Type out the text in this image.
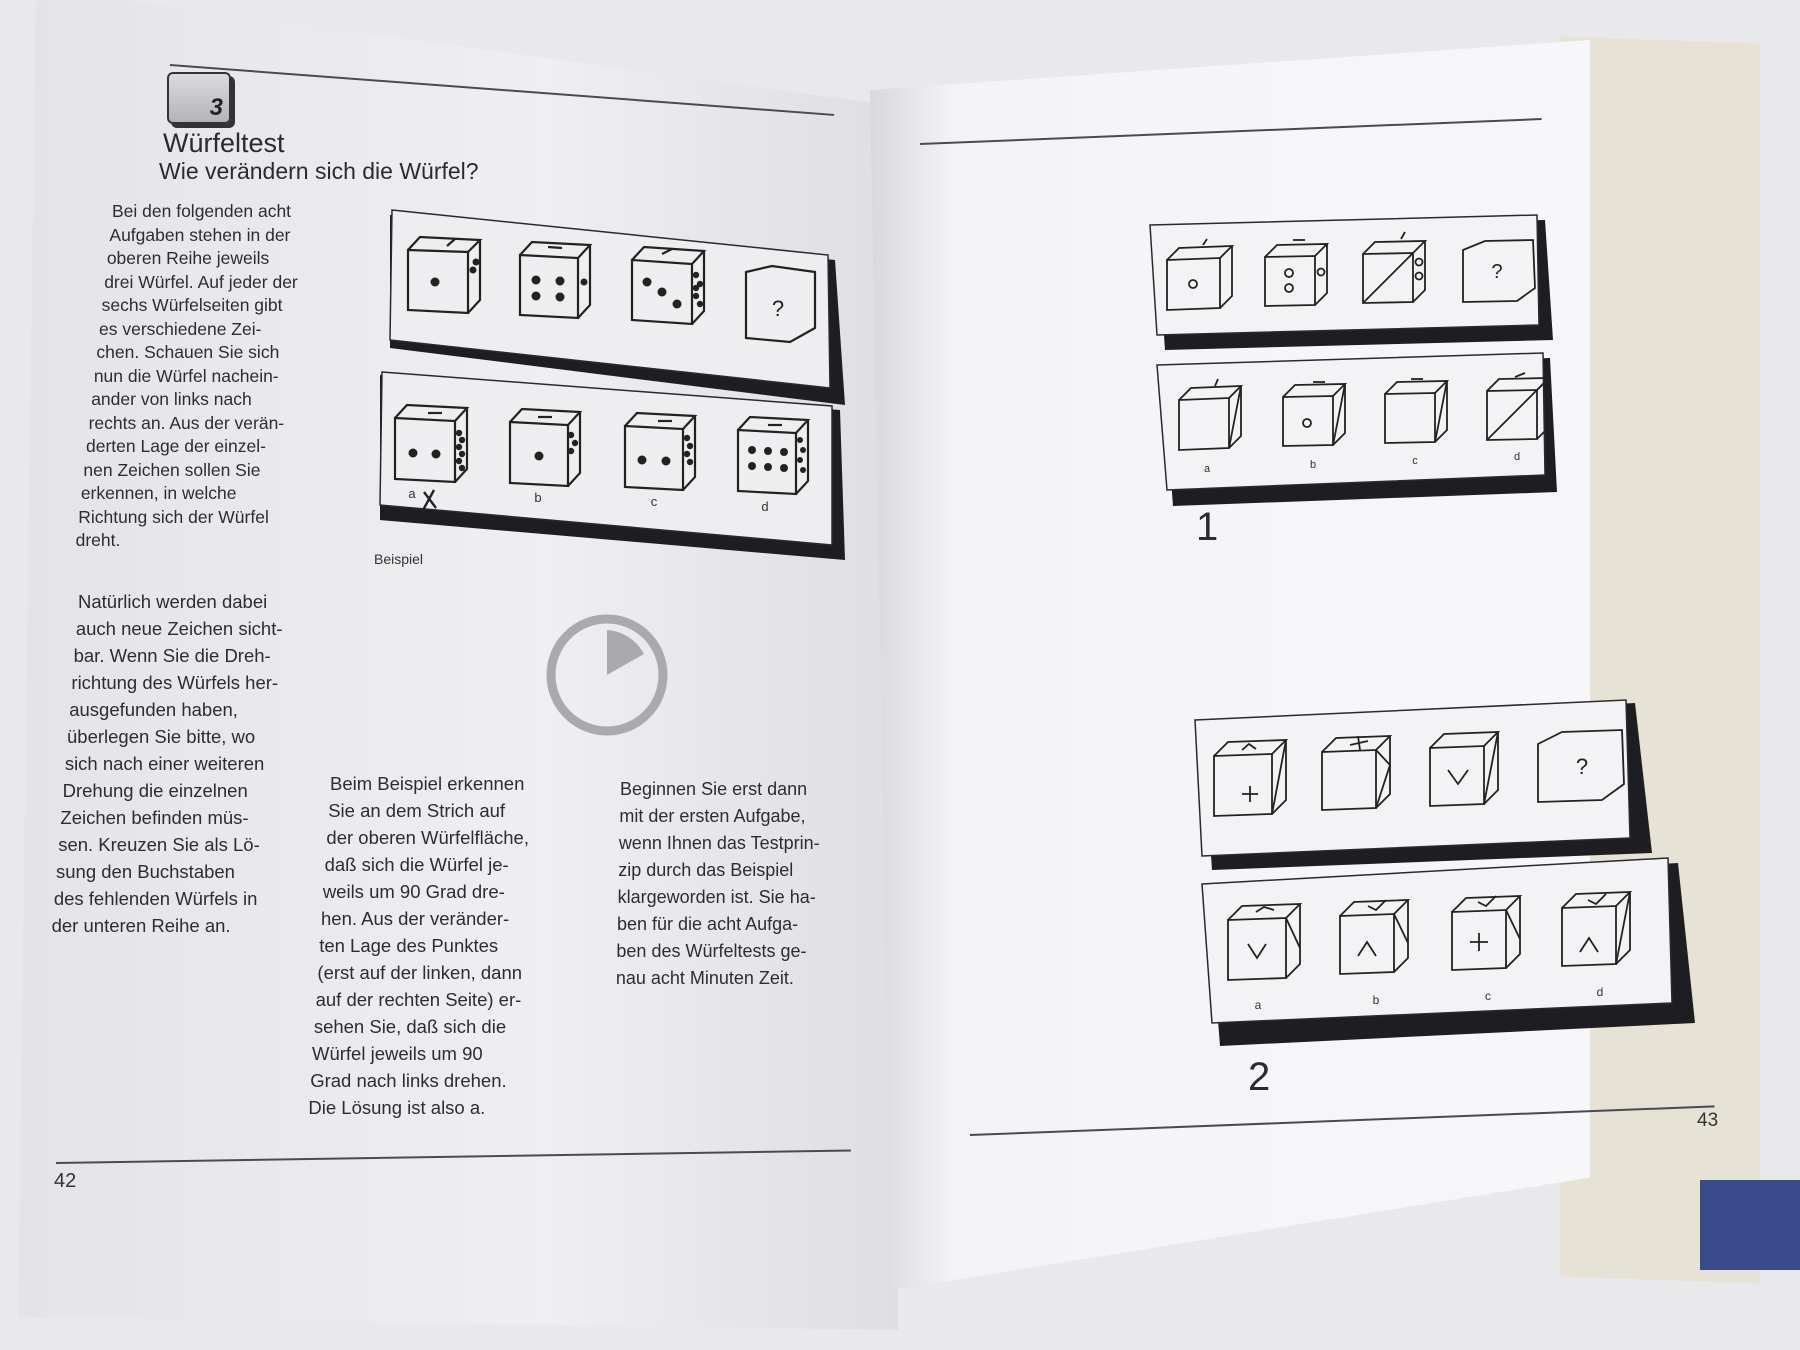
3
Würfeltest
Wie verändern sich die Würfel?
Bei den folgenden acht
Aufgaben stehen in der
oberen Reihe jeweils
drei Würfel. Auf jeder der
sechs Würfelseiten gibt
es verschiedene Zei-
chen. Schauen Sie sich
nun die Würfel nachein-
ander von links nach
rechts an. Aus der verän-
derten Lage der einzel-
nen Zeichen sollen Sie
erkennen, in welche
Richtung sich der Würfel
dreht.
Natürlich werden dabei
auch neue Zeichen sicht-
bar. Wenn Sie die Dreh-
richtung des Würfels her-
ausgefunden haben,
überlegen Sie bitte, wo
sich nach einer weiteren
Drehung die einzelnen
Zeichen befinden müs-
sen. Kreuzen Sie als Lö-
sung den Buchstaben
des fehlenden Würfels in
der unteren Reihe an.
Beim Beispiel erkennen
Sie an dem Strich auf
der oberen Würfelfläche,
daß sich die Würfel je-
weils um 90 Grad dre-
hen. Aus der veränder-
ten Lage des Punktes
(erst auf der linken, dann
auf der rechten Seite) er-
sehen Sie, daß sich die
Würfel jeweils um 90
Grad nach links drehen.
Die Lösung ist also a.
Beginnen Sie erst dann
mit der ersten Aufgabe,
wenn Ihnen das Testprin-
zip durch das Beispiel
klargeworden ist. Sie ha-
ben für die acht Aufga-
ben des Würfeltests ge-
nau acht Minuten Zeit.
?
a	b	c	d
Beispiel
42
?
a	b	c	d
1
?
a	b	c	d
2
43
